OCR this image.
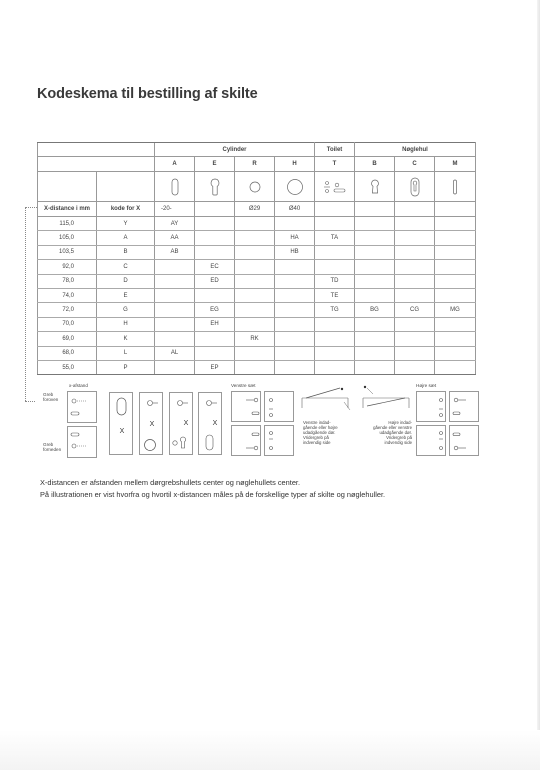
Kodeskema til bestilling af skilte
		Cylinder				Toilet	Nøglehul		
		A	E	R	H	T	B	C	M

X-distance i mm	kode for X	-20-		Ø29	Ø40				
115,0	Y	AY							
105,0	A	AA			HA	TA			
103,5	B	AB			HB				
92,0	C		EC						
78,0	D		ED			TD			
74,0	E					TE			
72,0	G		EG			TG	BG	CG	MG
70,0	H		EH						
69,0	K			RK					
68,0	L	AL							
55,0	P		EP						
x-afstand
Greb
foroven
Greb
forneden
X
X	X	X
Venstre sæt
Venstre indad-
gående eller højre
udadgående dør.
Vridergreb på
indvendig side
Højre indad-
gående eller venstre
udadgående dør.
Vridergreb på
indvendig side
Højre sæt
X-distancen er afstanden mellem dørgrebshullets center og nøglehullets center.
På illustrationen er vist hvorfra og hvortil x-distancen måles på de forskellige typer af skilte og nøglehuller.
